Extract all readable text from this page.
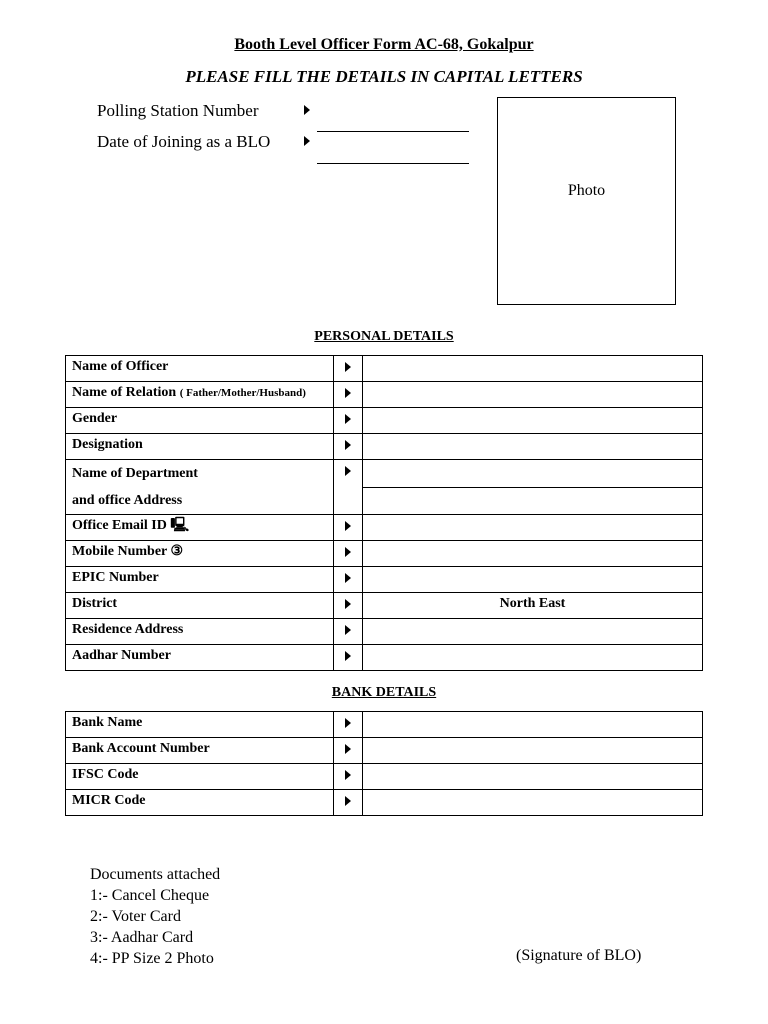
Booth Level Officer Form AC-68, Gokalpur
PLEASE FILL THE DETAILS IN CAPITAL LETTERS
Polling Station Number
Date of Joining as a BLO
Photo
PERSONAL DETAILS
Name of Officer		
Name of Relation ( Father/Mother/Husband)		
Gender		
Designation		
Name of Department
and office Address		

Office Email ID 🖳		
Mobile Number ③		
EPIC Number		
District		North East
Residence Address		
Aadhar Number		
BANK DETAILS
Bank Name		
Bank Account Number		
IFSC Code		
MICR Code		
Documents attached
1:- Cancel Cheque
2:- Voter Card
3:- Aadhar Card
4:- PP Size 2 Photo	(Signature of BLO)
